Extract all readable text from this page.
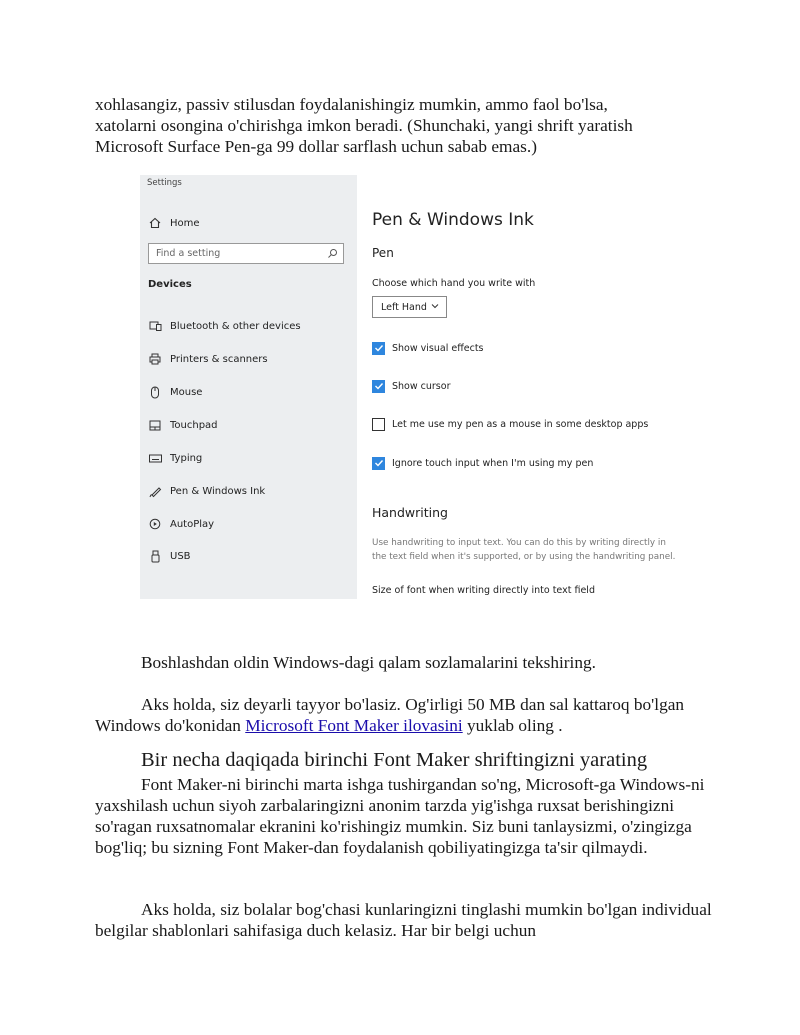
xohlasangiz, passiv stilusdan foydalanishingiz mumkin, ammo faol bo'lsa,
xatolarni osongina o'chirishga imkon beradi. (Shunchaki, yangi shrift yaratish
Microsoft Surface Pen-ga 99 dollar sarflash uchun sabab emas.)

Settings
Home
Find a setting
Devices
Bluetooth & other devices
Printers & scanners
Mouse
Touchpad
Typing
Pen & Windows Ink
AutoPlay
USB
Pen & Windows Ink
Pen
Choose which hand you write with
Left Hand
Show visual effects
Show cursor
Let me use my pen as a mouse in some desktop apps
Ignore touch input when I'm using my pen
Handwriting
Use handwriting to input text. You can do this by writing directly in the text field when it's supported, or by using the handwriting panel.
Size of font when writing directly into text field

Boshlashdan oldin Windows-dagi qalam sozlamalarini tekshiring.

Aks holda, siz deyarli tayyor bo'lasiz. Og'irligi 50 MB dan sal kattaroq bo'lgan Windows do'konidan Microsoft Font Maker ilovasini yuklab oling .

Bir necha daqiqada birinchi Font Maker shriftingizni yarating

Font Maker-ni birinchi marta ishga tushirgandan so'ng, Microsoft-ga Windows-ni yaxshilash uchun siyoh zarbalaringizni anonim tarzda yig'ishga ruxsat berishingizni so'ragan ruxsatnomalar ekranini ko'rishingiz mumkin. Siz buni tanlaysizmi, o'zingizga bog'liq; bu sizning Font Maker-dan foydalanish qobiliyatingizga ta'sir qilmaydi.

Aks holda, siz bolalar bog'chasi kunlaringizni tinglashi mumkin bo'lgan individual belgilar shablonlari sahifasiga duch kelasiz. Har bir belgi uchun
